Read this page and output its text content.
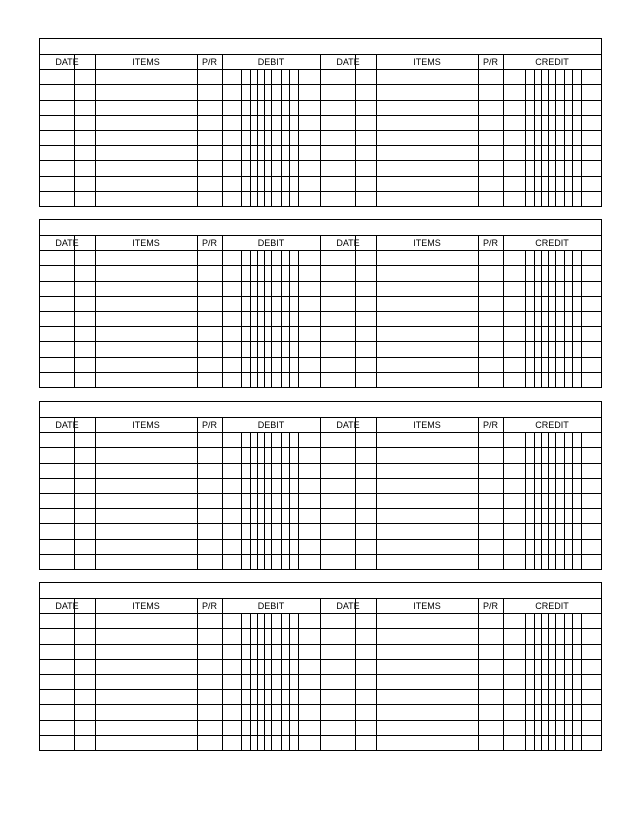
DATE	ITEMS	P/R	DEBIT	DATE	ITEMS	P/R	CREDIT
DATE	ITEMS	P/R	DEBIT	DATE	ITEMS	P/R	CREDIT
DATE	ITEMS	P/R	DEBIT	DATE	ITEMS	P/R	CREDIT
DATE	ITEMS	P/R	DEBIT	DATE	ITEMS	P/R	CREDIT
